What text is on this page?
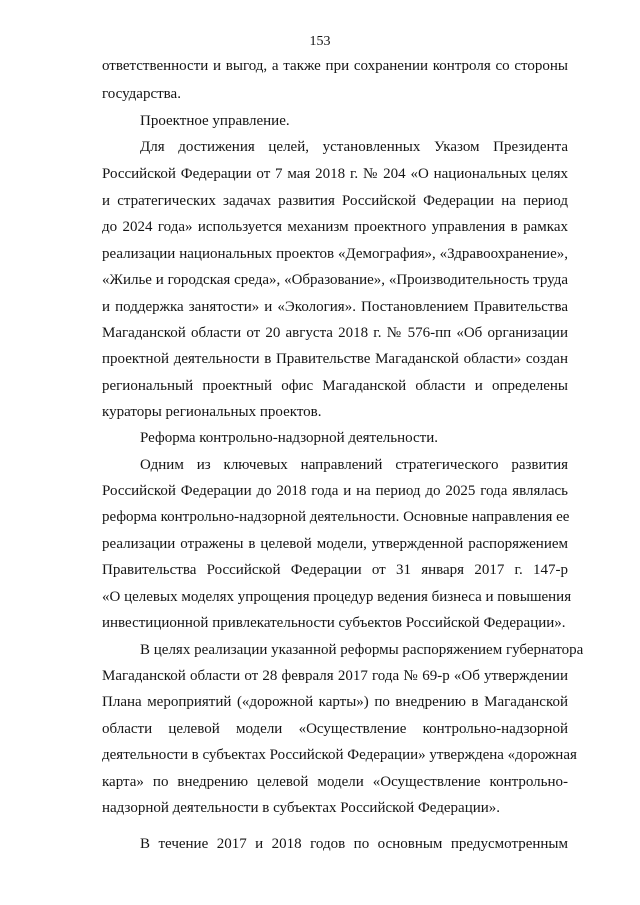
153
ответственности и выгод, а также при сохранении контроля со стороны
государства.
Проектное управление.
Для достижения целей, установленных Указом Президента
Российской Федерации от 7 мая 2018 г. № 204 «О национальных целях
и стратегических задачах развития Российской Федерации на период
до 2024 года» используется механизм проектного управления в рамках
реализации национальных проектов «Демография», «Здравоохранение»,
«Жилье и городская среда», «Образование», «Производительность труда
и поддержка занятости» и «Экология». Постановлением Правительства
Магаданской области от 20 августа 2018 г. № 576-пп «Об организации
проектной деятельности в Правительстве Магаданской области» создан
региональный проектный офис Магаданской области и определены
кураторы региональных проектов.
Реформа контрольно-надзорной деятельности.
Одним из ключевых направлений стратегического развития
Российской Федерации до 2018 года и на период до 2025 года являлась
реформа контрольно-надзорной деятельности. Основные направления ее
реализации отражены в целевой модели, утвержденной распоряжением
Правительства Российской Федерации от 31 января 2017 г. 147-р
«О целевых моделях упрощения процедур ведения бизнеса и повышения
инвестиционной привлекательности субъектов Российской Федерации».
В целях реализации указанной реформы распоряжением губернатора
Магаданской области от 28 февраля 2017 года № 69-р «Об утверждении
Плана мероприятий («дорожной карты») по внедрению в Магаданской
области целевой модели «Осуществление контрольно-надзорной
деятельности в субъектах Российской Федерации» утверждена «дорожная
карта» по внедрению целевой модели «Осуществление контрольно-
надзорной деятельности в субъектах Российской Федерации».
В течение 2017 и 2018 годов по основным предусмотренным
